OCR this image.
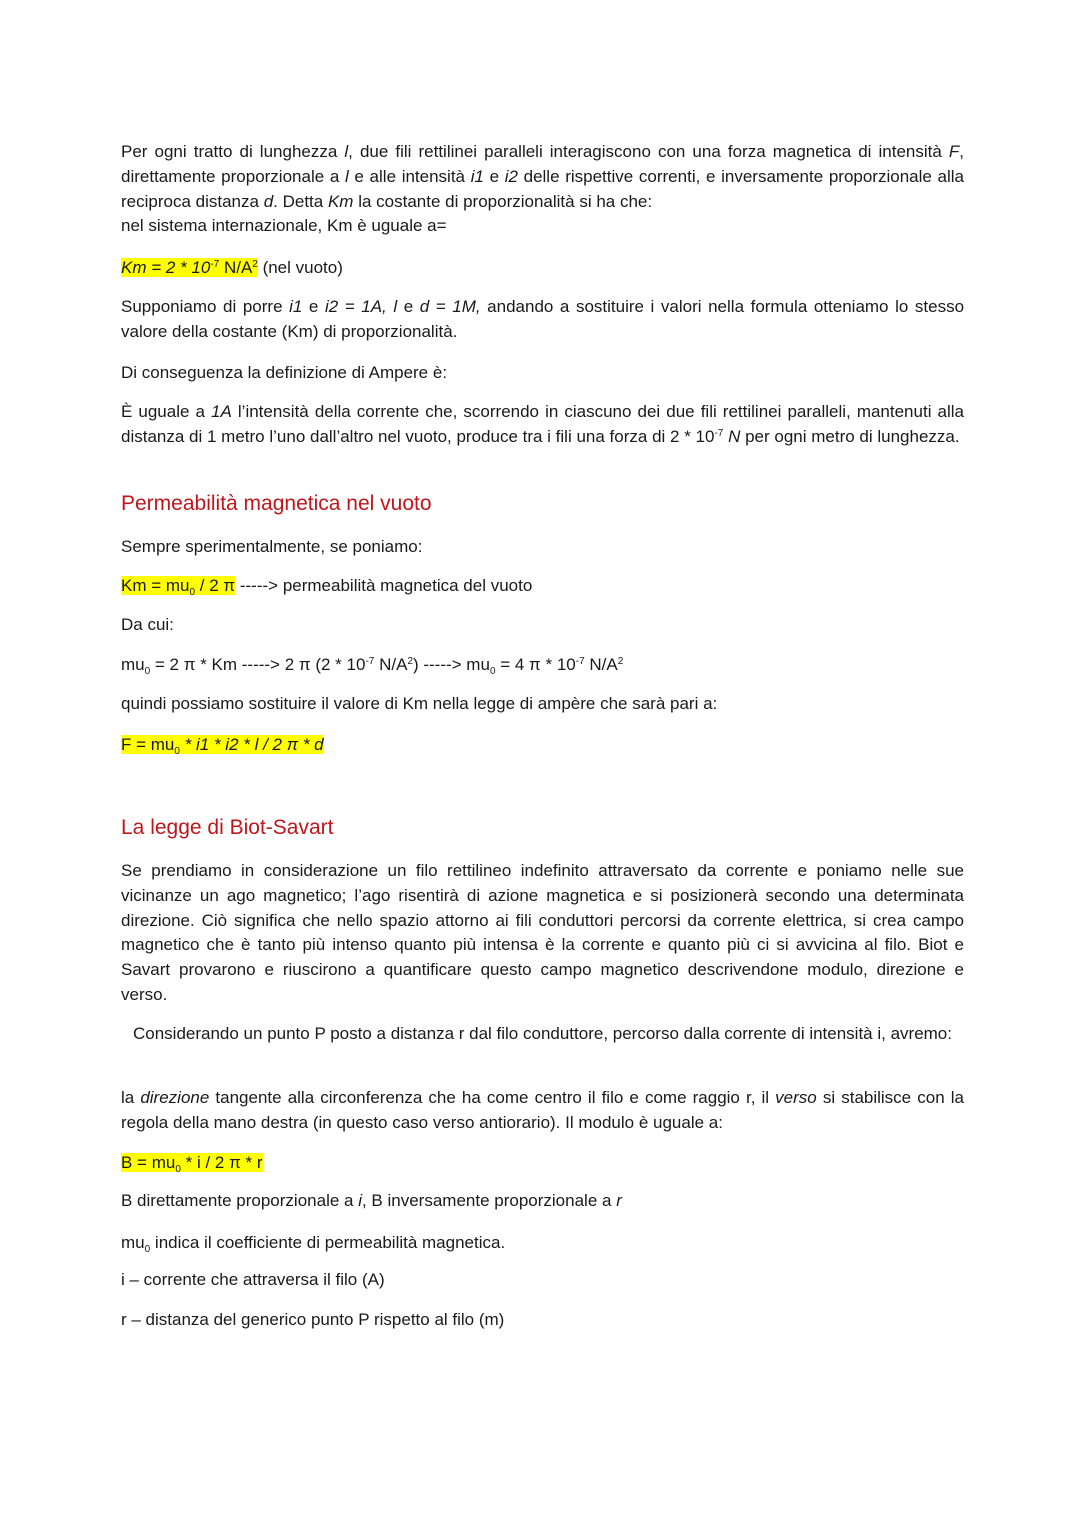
Per ogni tratto di lunghezza l, due fili rettilinei paralleli interagiscono con una forza magnetica di intensità F, direttamente proporzionale a l e alle intensità i1 e i2 delle rispettive correnti, e inversamente proporzionale alla reciproca distanza d. Detta Km la costante di proporzionalità si ha che:

nel sistema internazionale, Km è uguale a=

$Km = 2 * 10^{-7}$ $N/A^2$ (nel vuoto)

Supponiamo di porre i1 e i2 = 1A, l e d = 1M, andando a sostituire i valori nella formula otteniamo lo stesso valore della costante (Km) di proporzionalità.

Di conseguenza la definizione di Ampere è:

È uguale a 1A l’intensità della corrente che, scorrendo in ciascuno dei due fili rettilinei paralleli, mantenuti alla distanza di 1 metro l’uno dall’altro nel vuoto, produce tra i fili una forza di $2 * 10^{-7}$ N per ogni metro di lunghezza.

Permeabilità magnetica nel vuoto

Sempre sperimentalmente, se poniamo:

$Km = mu_0 / 2$ π -----> permeabilità magnetica del vuoto

Da cui:

$mu_0 = 2$ π * Km -----> 2 π ($2 * 10^{-7}$ $N/A^2$) -----> $mu_0 = 4$ π * $10^{-7}$ $N/A^2$

quindi possiamo sostituire il valore di Km nella legge di ampère che sarà pari a:

$F = mu_0 * i1 * i2 * l / 2$ π * d

La legge di Biot-Savart

Se prendiamo in considerazione un filo rettilineo indefinito attraversato da corrente e poniamo nelle sue vicinanze un ago magnetico; l’ago risentirà di azione magnetica e si posizionerà secondo una determinata direzione. Ciò significa che nello spazio attorno ai fili conduttori percorsi da corrente elettrica, si crea campo magnetico che è tanto più intenso quanto più intensa è la corrente e quanto più ci si avvicina al filo. Biot e Savart provarono e riuscirono a quantificare questo campo magnetico descrivendone modulo, direzione e verso.

Considerando un punto P posto a distanza r dal filo conduttore, percorso dalla corrente di intensità i, avremo:

la direzione tangente alla circonferenza che ha come centro il filo e come raggio r, il verso si stabilisce con la regola della mano destra (in questo caso verso antiorario). Il modulo è uguale a:

$B = mu_0 * i / 2$ π * r

B direttamente proporzionale a i, B inversamente proporzionale a r

$mu_0$ indica il coefficiente di permeabilità magnetica.

i – corrente che attraversa il filo (A)

r – distanza del generico punto P rispetto al filo (m)
